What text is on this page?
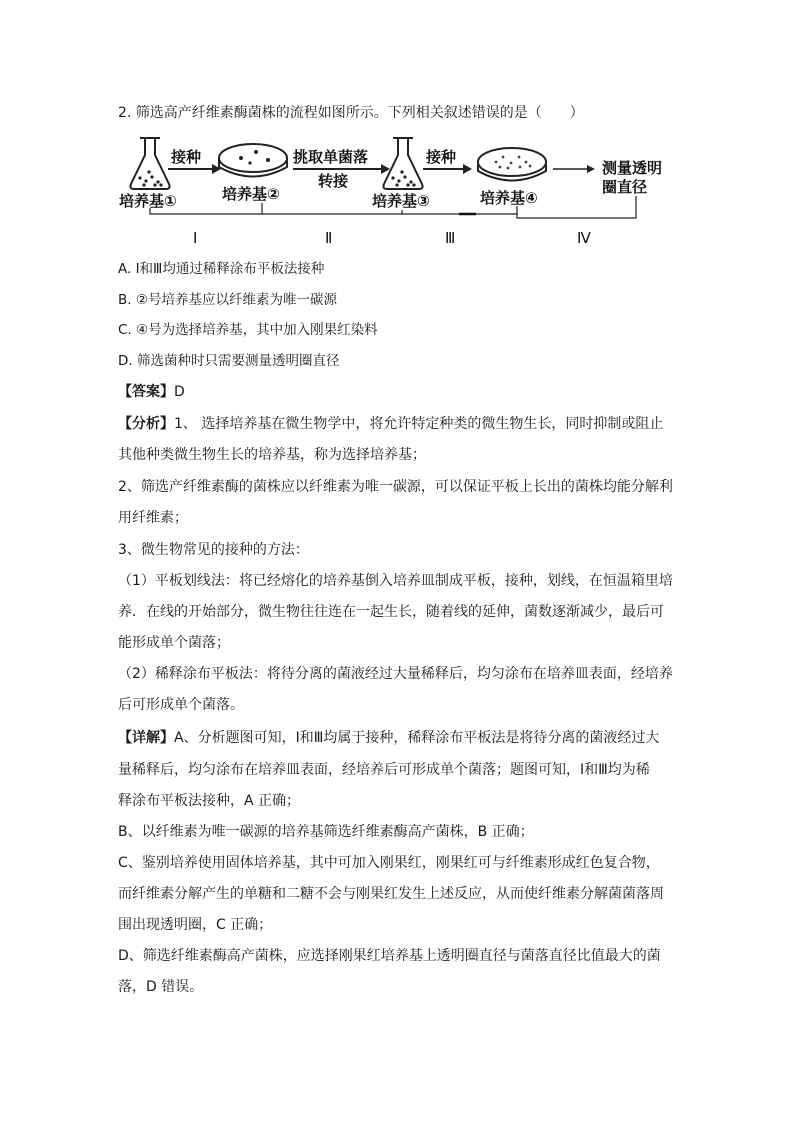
2. 筛选高产纤维素酶菌株的流程如图所示。下列相关叙述错误的是（　　）
培养基①
接种
培养基②
挑取单菌落
转接
培养基③
接种
培养基④
测量透明
圈直径
Ⅰ	Ⅱ	Ⅲ	Ⅳ
A. Ⅰ和Ⅲ均通过稀释涂布平板法接种
B. ②号培养基应以纤维素为唯一碳源
C. ④号为选择培养基，其中加入刚果红染料
D. 筛选菌种时只需要测量透明圈直径
【答案】D
【分析】1、 选择培养基在微生物学中，将允许特定种类的微生物生长，同时抑制或阻止
其他种类微生物生长的培养基，称为选择培养基；
2、筛选产纤维素酶的菌株应以纤维素为唯一碳源，可以保证平板上长出的菌株均能分解利
用纤维素；
3、微生物常见的接种的方法：
（1）平板划线法：将已经熔化的培养基倒入培养皿制成平板，接种，划线，在恒温箱里培
养．在线的开始部分，微生物往往连在一起生长，随着线的延伸，菌数逐渐减少，最后可
能形成单个菌落；
（2）稀释涂布平板法：将待分离的菌液经过大量稀释后，均匀涂布在培养皿表面，经培养
后可形成单个菌落。
【详解】A、分析题图可知，Ⅰ和Ⅲ均属于接种，稀释涂布平板法是将待分离的菌液经过大
量稀释后，均匀涂布在培养皿表面，经培养后可形成单个菌落；题图可知，Ⅰ和Ⅲ均为稀
释涂布平板法接种，A 正确；
B、以纤维素为唯一碳源的培养基筛选纤维素酶高产菌株，B 正确；
C、鉴别培养使用固体培养基，其中可加入刚果红，刚果红可与纤维素形成红色复合物，
而纤维素分解产生的单糖和二糖不会与刚果红发生上述反应，从而使纤维素分解菌菌落周
围出现透明圈，C 正确；
D、筛选纤维素酶高产菌株，应选择刚果红培养基上透明圈直径与菌落直径比值最大的菌
落，D 错误。
